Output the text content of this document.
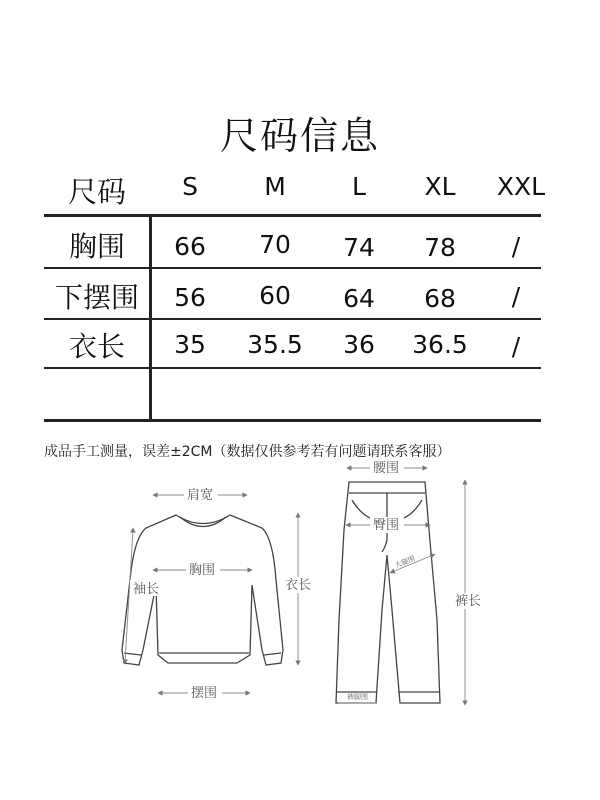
尺码信息
尺码	S	M	L	XL	XXL
胸围	66	70	74	78	/
下摆围	56	60	64	68	/
衣长	35	35.5	36	36.5	/
成品手工测量，误差±2CM（数据仅供参考若有问题请联系客服）
肩宽
胸围
袖长	衣长
摆围
腰围
臀围
大腿围
裤长
裤脚围
